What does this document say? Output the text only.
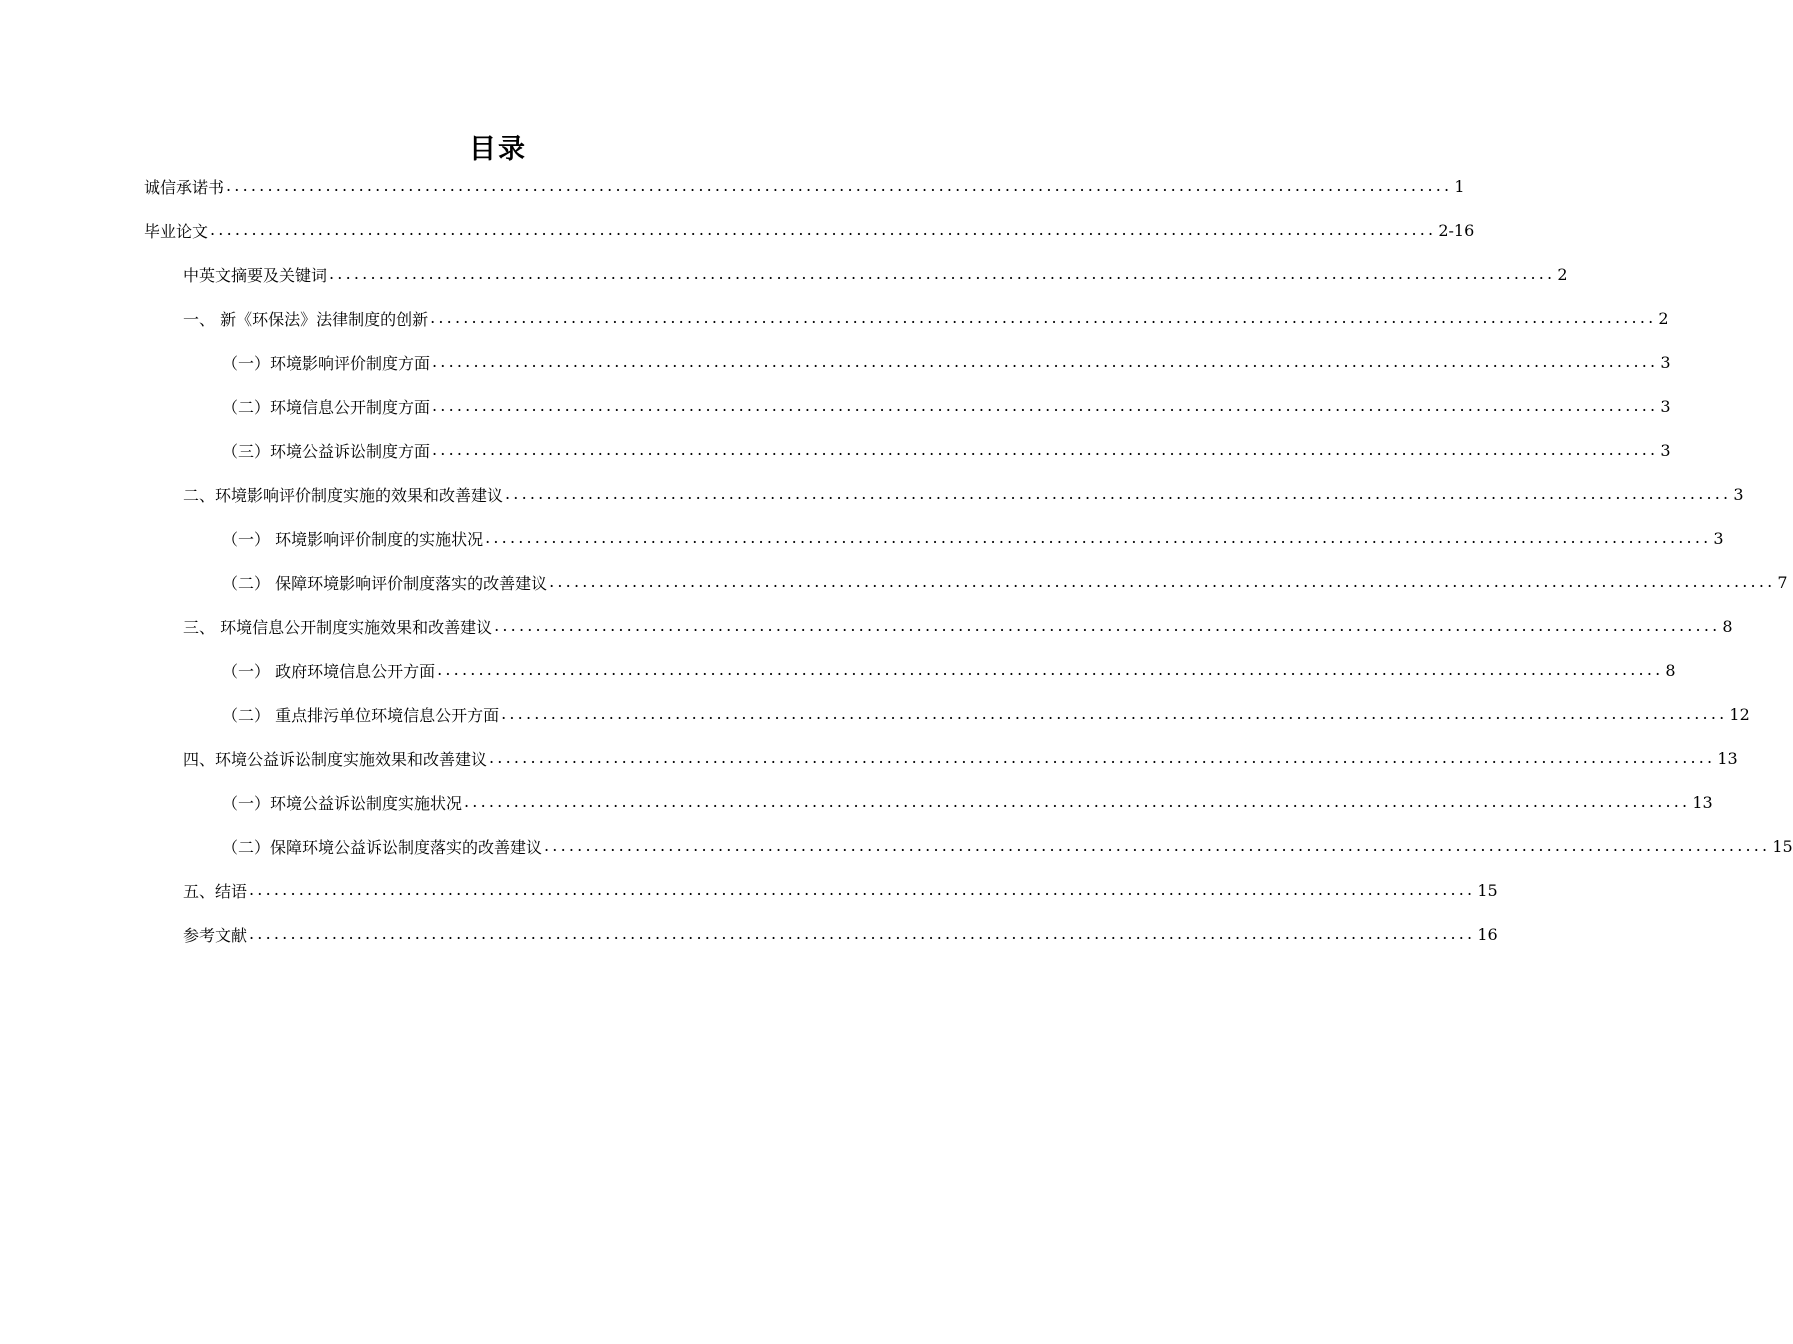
目录
诚信承诺书 .................................................................................................................................................... 1
毕业论文 .................................................................................................................................................... 2-16
中英文摘要及关键词 .................................................................................................................................................... 2
一、 新《环保法》法律制度的创新 .................................................................................................................................................... 2
（一）环境影响评价制度方面 .................................................................................................................................................... 3
（二）环境信息公开制度方面 .................................................................................................................................................... 3
（三）环境公益诉讼制度方面 .................................................................................................................................................... 3
二、环境影响评价制度实施的效果和改善建议 .................................................................................................................................................... 3
（一） 环境影响评价制度的实施状况 .................................................................................................................................................... 3
（二） 保障环境影响评价制度落实的改善建议 .................................................................................................................................................... 7
三、 环境信息公开制度实施效果和改善建议 .................................................................................................................................................... 8
（一） 政府环境信息公开方面 .................................................................................................................................................... 8
（二） 重点排污单位环境信息公开方面 .................................................................................................................................................... 12
四、环境公益诉讼制度实施效果和改善建议 .................................................................................................................................................... 13
（一）环境公益诉讼制度实施状况 .................................................................................................................................................... 13
（二）保障环境公益诉讼制度落实的改善建议 .................................................................................................................................................... 15
五、结语 .................................................................................................................................................... 15
参考文献 .................................................................................................................................................... 16
